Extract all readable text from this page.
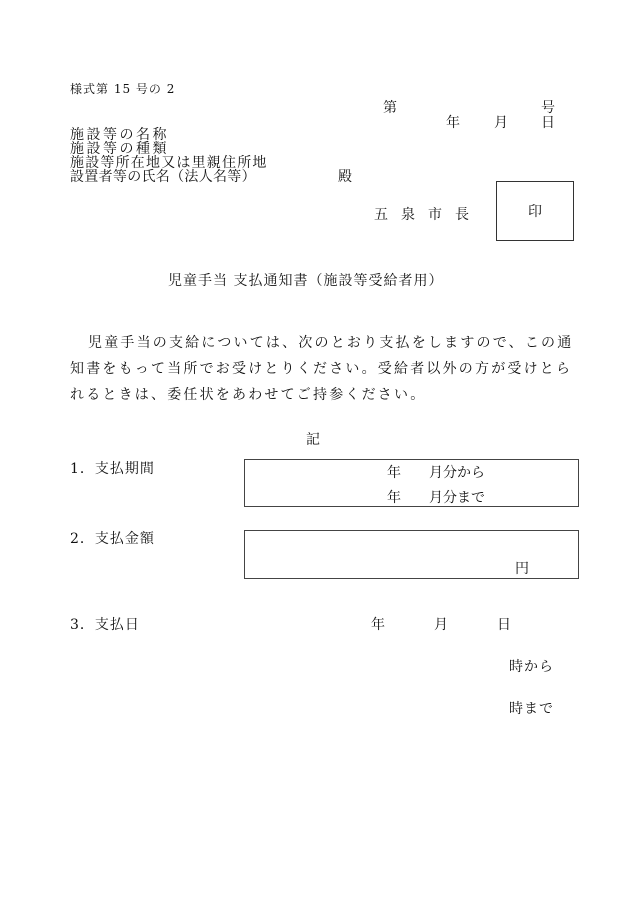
様式第 15 号の 2
第	号
年 月 日
施設等の名称
施設等の種類
施設等所在地又は里親住所地
設置者等の氏名（法人名等）	殿
五泉市長	印
児童手当 支払通知書（施設等受給者用）
児童手当の支給については、次のとおり支払をしますので、この通
知書をもって当所でお受けとりください。受給者以外の方が受けとら
れるときは、委任状をあわせてご持参ください。
記
1．支払期間	年　　月分から
年　　月分まで
2．支払金額
円
3．支払日	年	月	日
時から
時まで
